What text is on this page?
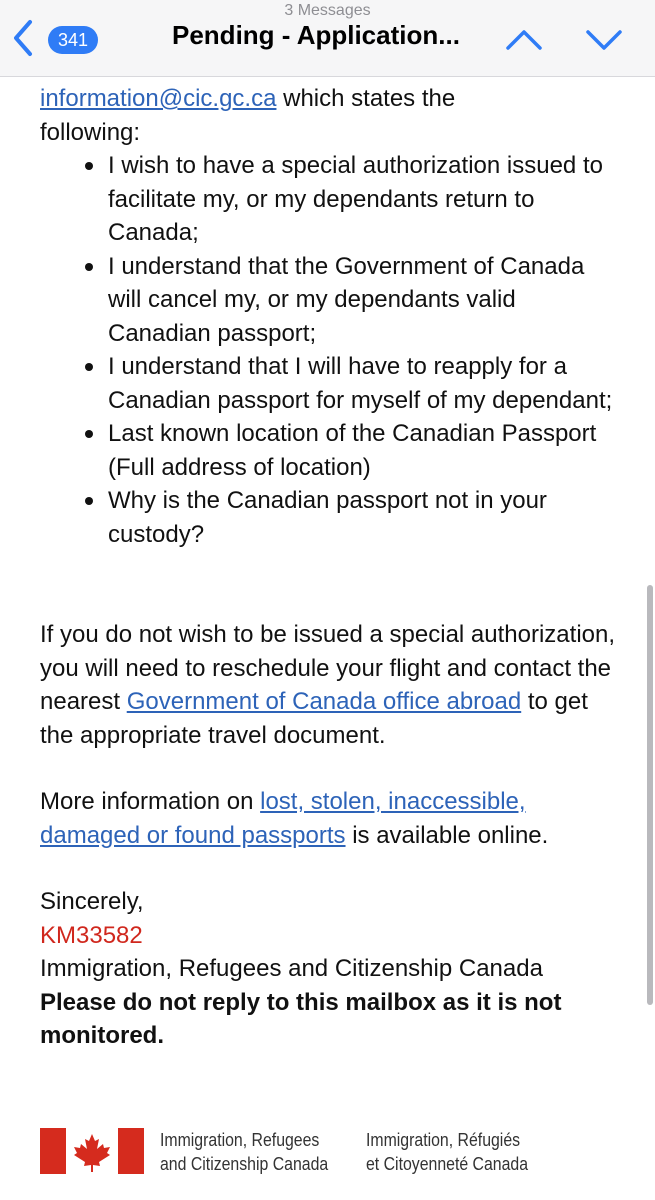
3 Messages
341	Pending - Application...

information@cic.gc.ca which states the
following:

I wish to have a special authorization issued to facilitate my, or my dependants return to Canada;
I understand that the Government of Canada will cancel my, or my dependants valid Canadian passport;
I understand that I will have to reapply for a Canadian passport for myself of my dependant;
Last known location of the Canadian Passport (Full address of location)
Why is the Canadian passport not in your custody?

If you do not wish to be issued a special authorization, you will need to reschedule your flight and contact the nearest Government of Canada office abroad to get the appropriate travel document.

More information on lost, stolen, inaccessible, damaged or found passports is available online.

Sincerely,
KM33582
Immigration, Refugees and Citizenship Canada
Please do not reply to this mailbox as it is not monitored.

Immigration, Refugees
and Citizenship Canada
Immigration, Réfugiés
et Citoyenneté Canada
